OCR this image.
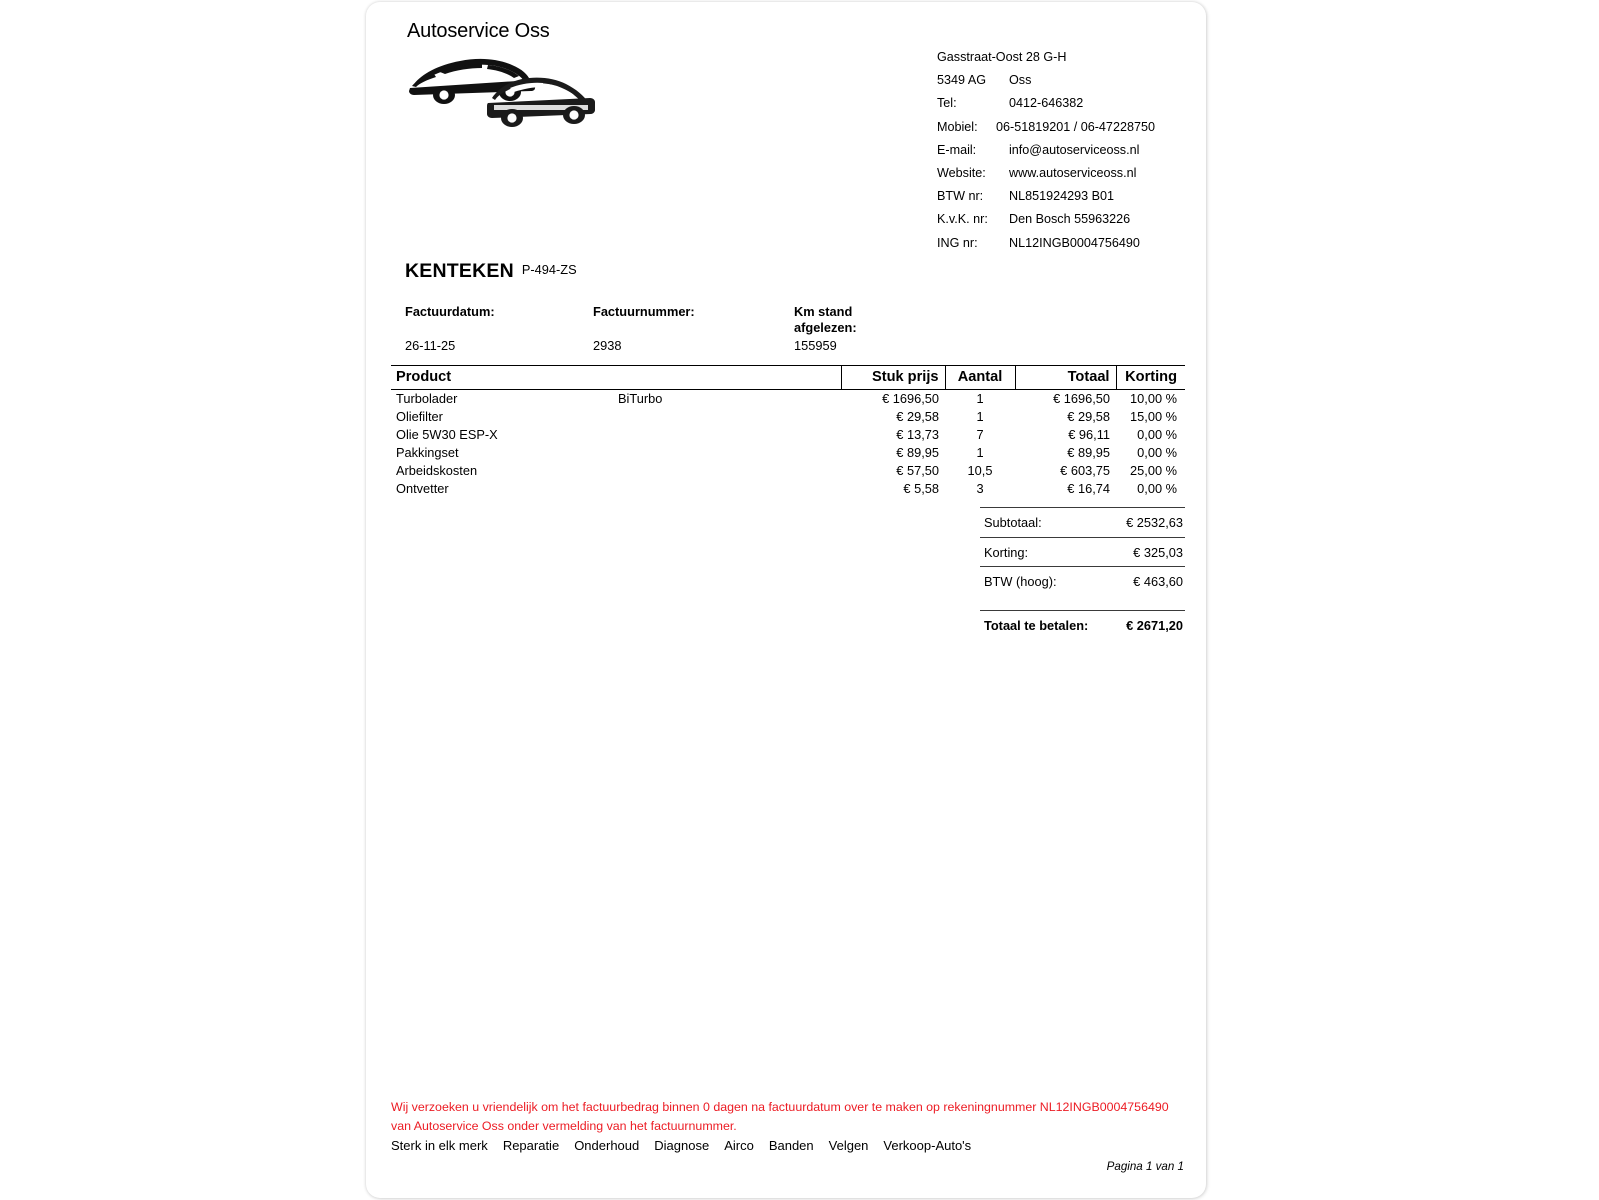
Autoservice Oss
Gasstraat-Oost 28 G-H
5349 AG Oss
Tel:	0412-646382
Mobiel: 06-51819201 / 06-47228750
E-mail:	info@autoserviceoss.nl
Website: www.autoserviceoss.nl
BTW nr: NL851924293 B01
K.v.K. nr: Den Bosch 55963226
ING nr: NL12INGB0004756490
KENTEKEN P-494-ZS
Factuurdatum:	Factuurnummer:	Km stand afgelezen:
26-11-25	2938	155959
Product	Stuk prijs	Aantal	Totaal	Korting
Turbolader BiTurbo	€ 1696,50	1	€ 1696,50	10,00 %
Oliefilter	€ 29,58	1	€ 29,58	15,00 %
Olie 5W30 ESP-X	€ 13,73	7	€ 96,11	0,00 %
Pakkingset	€ 89,95	1	€ 89,95	0,00 %
Arbeidskosten	€ 57,50	10,5	€ 603,75	25,00 %
Ontvetter	€ 5,58	3	€ 16,74	0,00 %
Subtotaal:	€ 2532,63
Korting:	€ 325,03
BTW (hoog):	€ 463,60
Totaal te betalen:	€ 2671,20
Wij verzoeken u vriendelijk om het factuurbedrag binnen 0 dagen na factuurdatum over te maken op rekeningnummer NL12INGB0004756490 van Autoservice Oss onder vermelding van het factuurnummer.
Sterk in elk merk Reparatie Onderhoud Diagnose Airco Banden Velgen Verkoop-Auto's
Pagina 1 van 1
